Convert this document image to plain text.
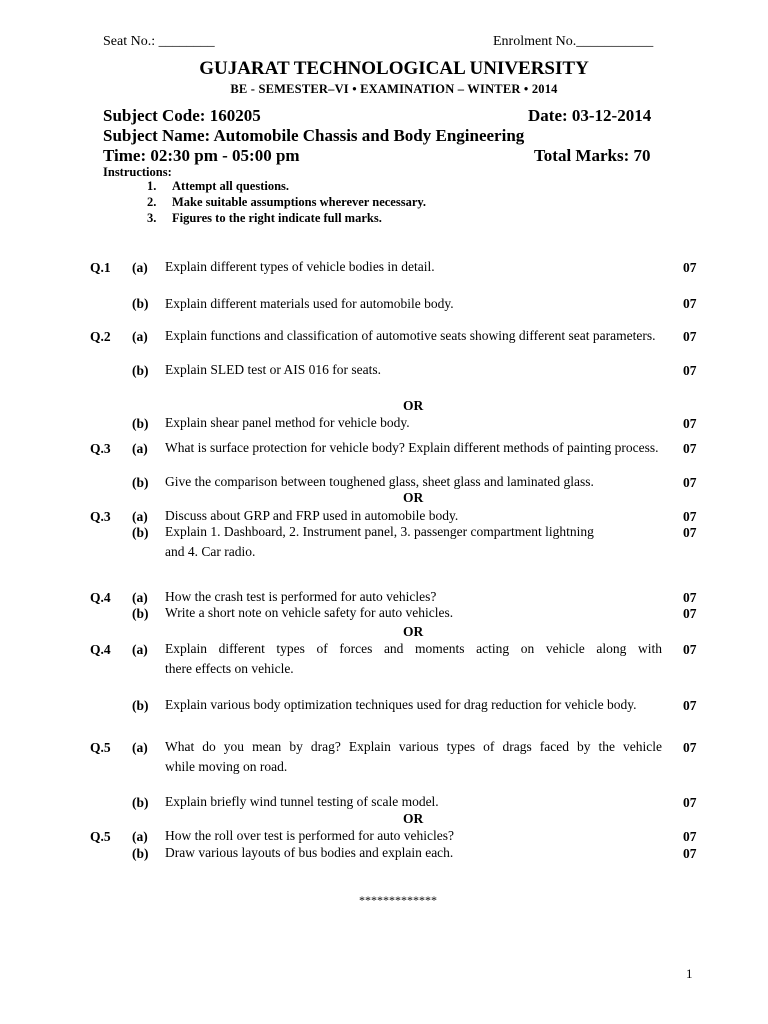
Seat No.: ________	Enrolment No.___________
GUJARAT TECHNOLOGICAL UNIVERSITY
BE - SEMESTER–VI • EXAMINATION – WINTER • 2014
Subject Code: 160205	Date: 03-12-2014
Subject Name: Automobile Chassis and Body Engineering
Time: 02:30 pm - 05:00 pm	Total Marks: 70
Instructions:
1. Attempt all questions.
2. Make suitable assumptions wherever necessary.
3. Figures to the right indicate full marks.
Q.1 (a) Explain different types of vehicle bodies in detail.	07
(b) Explain different materials used for automobile body.	07
Q.2 (a) Explain functions and classification of automotive seats showing different seat parameters.	07
(b) Explain SLED test or AIS 016 for seats.	07
OR
(b) Explain shear panel method for vehicle body.	07
Q.3 (a) What is surface protection for vehicle body? Explain different methods of painting process. 07
(b) Give the comparison between toughened glass, sheet glass and laminated glass.	07
OR
Q.3 (a) Discuss about GRP and FRP used in automobile body.	07
(b) Explain 1. Dashboard, 2. Instrument panel, 3. passenger compartment lightning
and 4. Car radio.
07
Q.4 (a) How the crash test is performed for auto vehicles?	07
(b) Write a short note on vehicle safety for auto vehicles.	07
OR
Q.4 (a) Explain different types of forces and moments acting on vehicle along with
there effects on vehicle.
07
(b) Explain various body optimization techniques used for drag reduction for vehicle body.	07
Q.5 (a) What do you mean by drag? Explain various types of drags faced by the vehicle
while moving on road.
07
(b) Explain briefly wind tunnel testing of scale model.	07
OR
Q.5 (a) How the roll over test is performed for auto vehicles?	07
(b) Draw various layouts of bus bodies and explain each.	07
*************
1
